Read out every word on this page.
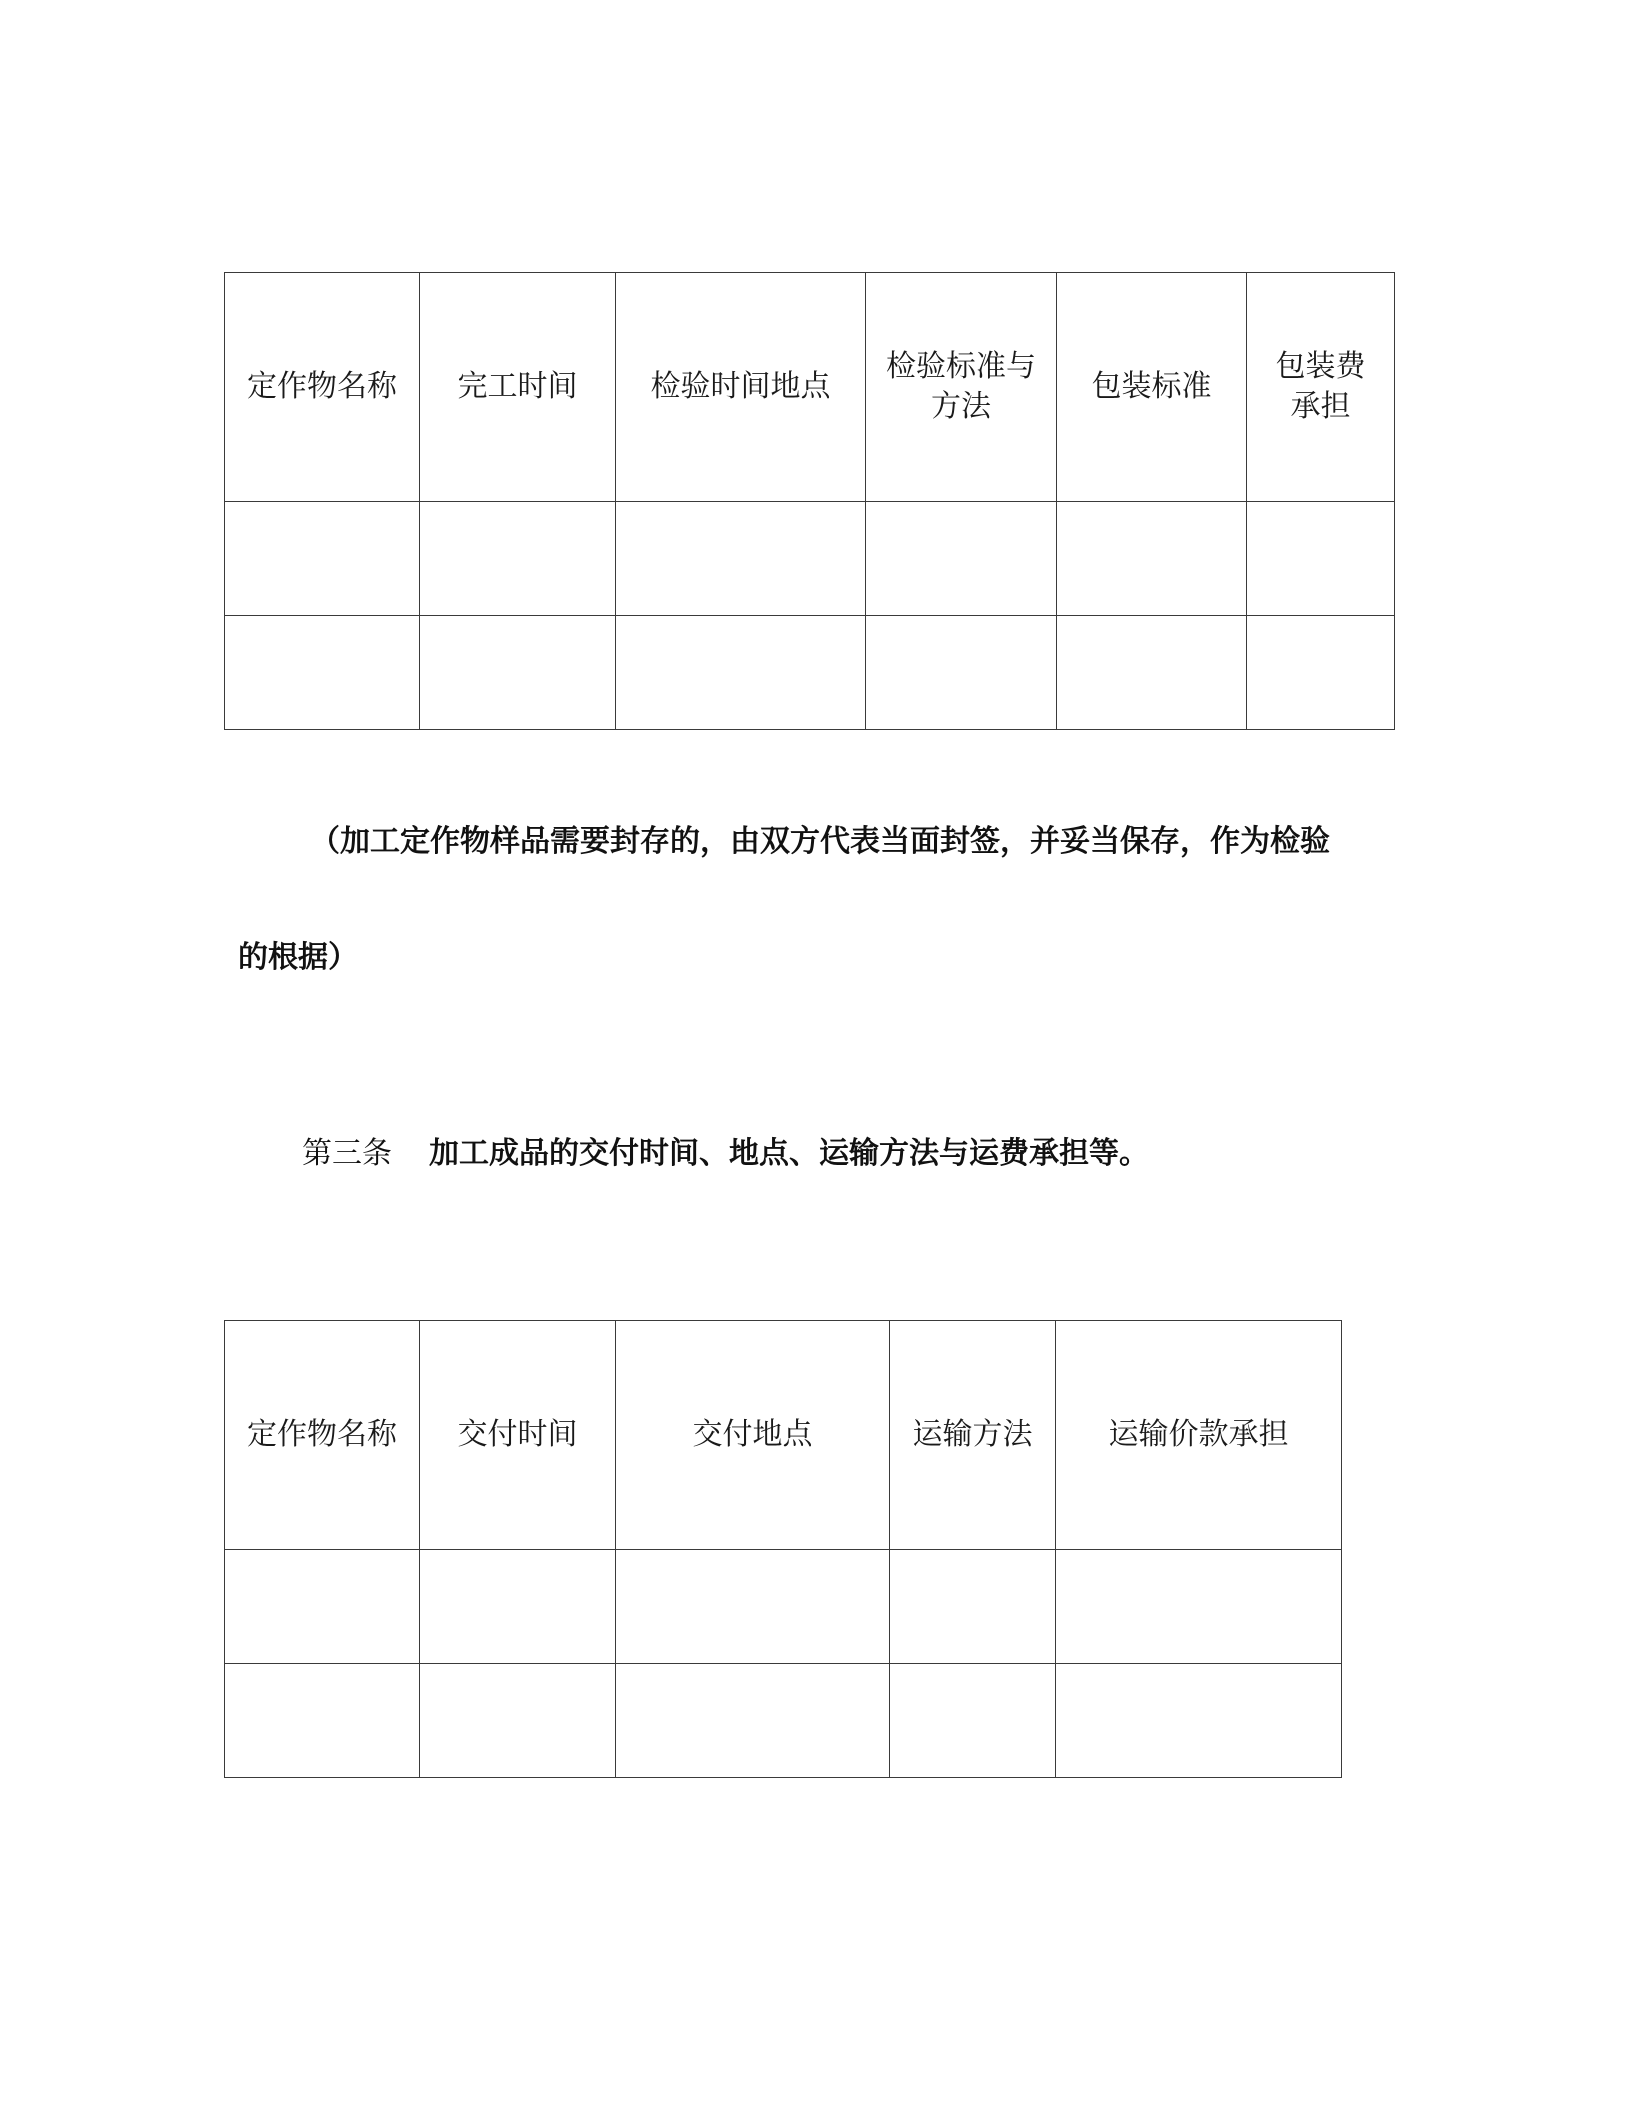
定作物名称	完工时间	检验时间地点	检验标准与方法	包装标准	包装费承担

（加工定作物样品需要封存的，由双方代表当面封签，并妥当保存，作为检验
的根据）
第三条 加工成品的交付时间、地点、运输方法与运费承担等。
定作物名称	交付时间	交付地点	运输方法	运输价款承担
